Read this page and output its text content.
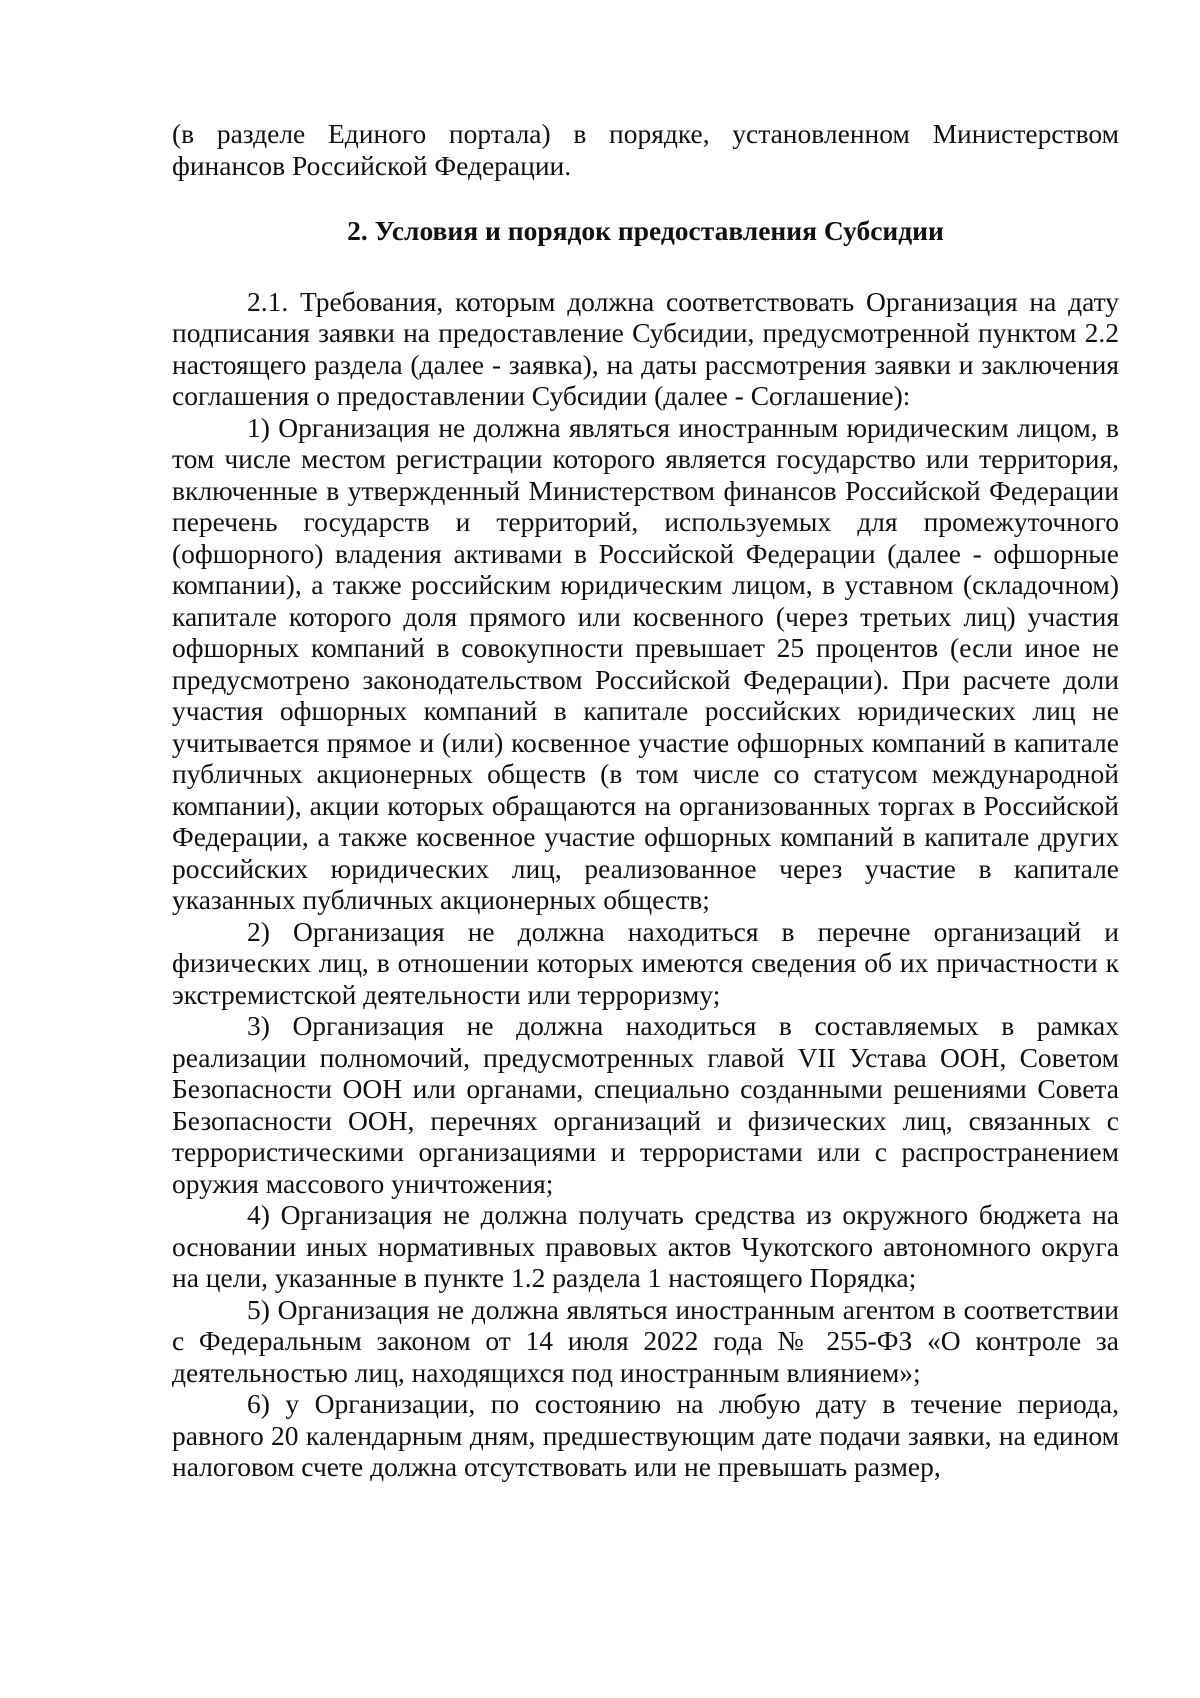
(в разделе Единого портала) в порядке, установленном Министерством финансов Российской Федерации.

2. Условия и порядок предоставления Субсидии

2.1. Требования, которым должна соответствовать Организация на дату подписания заявки на предоставление Субсидии, предусмотренной пунктом 2.2 настоящего раздела (далее - заявка), на даты рассмотрения заявки и заключения соглашения о предоставлении Субсидии (далее - Соглашение):

1) Организация не должна являться иностранным юридическим лицом, в том числе местом регистрации которого является государство или территория, включенные в утвержденный Министерством финансов Российской Федерации перечень государств и территорий, используемых для промежуточного (офшорного) владения активами в Российской Федерации (далее - офшорные компании), а также российским юридическим лицом, в уставном (складочном) капитале которого доля прямого или косвенного (через третьих лиц) участия офшорных компаний в совокупности превышает 25 процентов (если иное не предусмотрено законодательством Российской Федерации). При расчете доли участия офшорных компаний в капитале российских юридических лиц не учитывается прямое и (или) косвенное участие офшорных компаний в капитале публичных акционерных обществ (в том числе со статусом международной компании), акции которых обращаются на организованных торгах в Российской Федерации, а также косвенное участие офшорных компаний в капитале других российских юридических лиц, реализованное через участие в капитале указанных публичных акционерных обществ;

2) Организация не должна находиться в перечне организаций и физических лиц, в отношении которых имеются сведения об их причастности к экстремистской деятельности или терроризму;

3) Организация не должна находиться в составляемых в рамках реализации полномочий, предусмотренных главой VII Устава ООН, Советом Безопасности ООН или органами, специально созданными решениями Совета Безопасности ООН, перечнях организаций и физических лиц, связанных с террористическими организациями и террористами или с распространением оружия массового уничтожения;

4) Организация не должна получать средства из окружного бюджета на основании иных нормативных правовых актов Чукотского автономного округа на цели, указанные в пункте 1.2 раздела 1 настоящего Порядка;

5) Организация не должна являться иностранным агентом в соответствии с Федеральным законом от 14 июля 2022 года № 255-ФЗ «О контроле за деятельностью лиц, находящихся под иностранным влиянием»;

6) у Организации, по состоянию на любую дату в течение периода, равного 20 календарным дням, предшествующим дате подачи заявки, на едином налоговом счете должна отсутствовать или не превышать размер,
